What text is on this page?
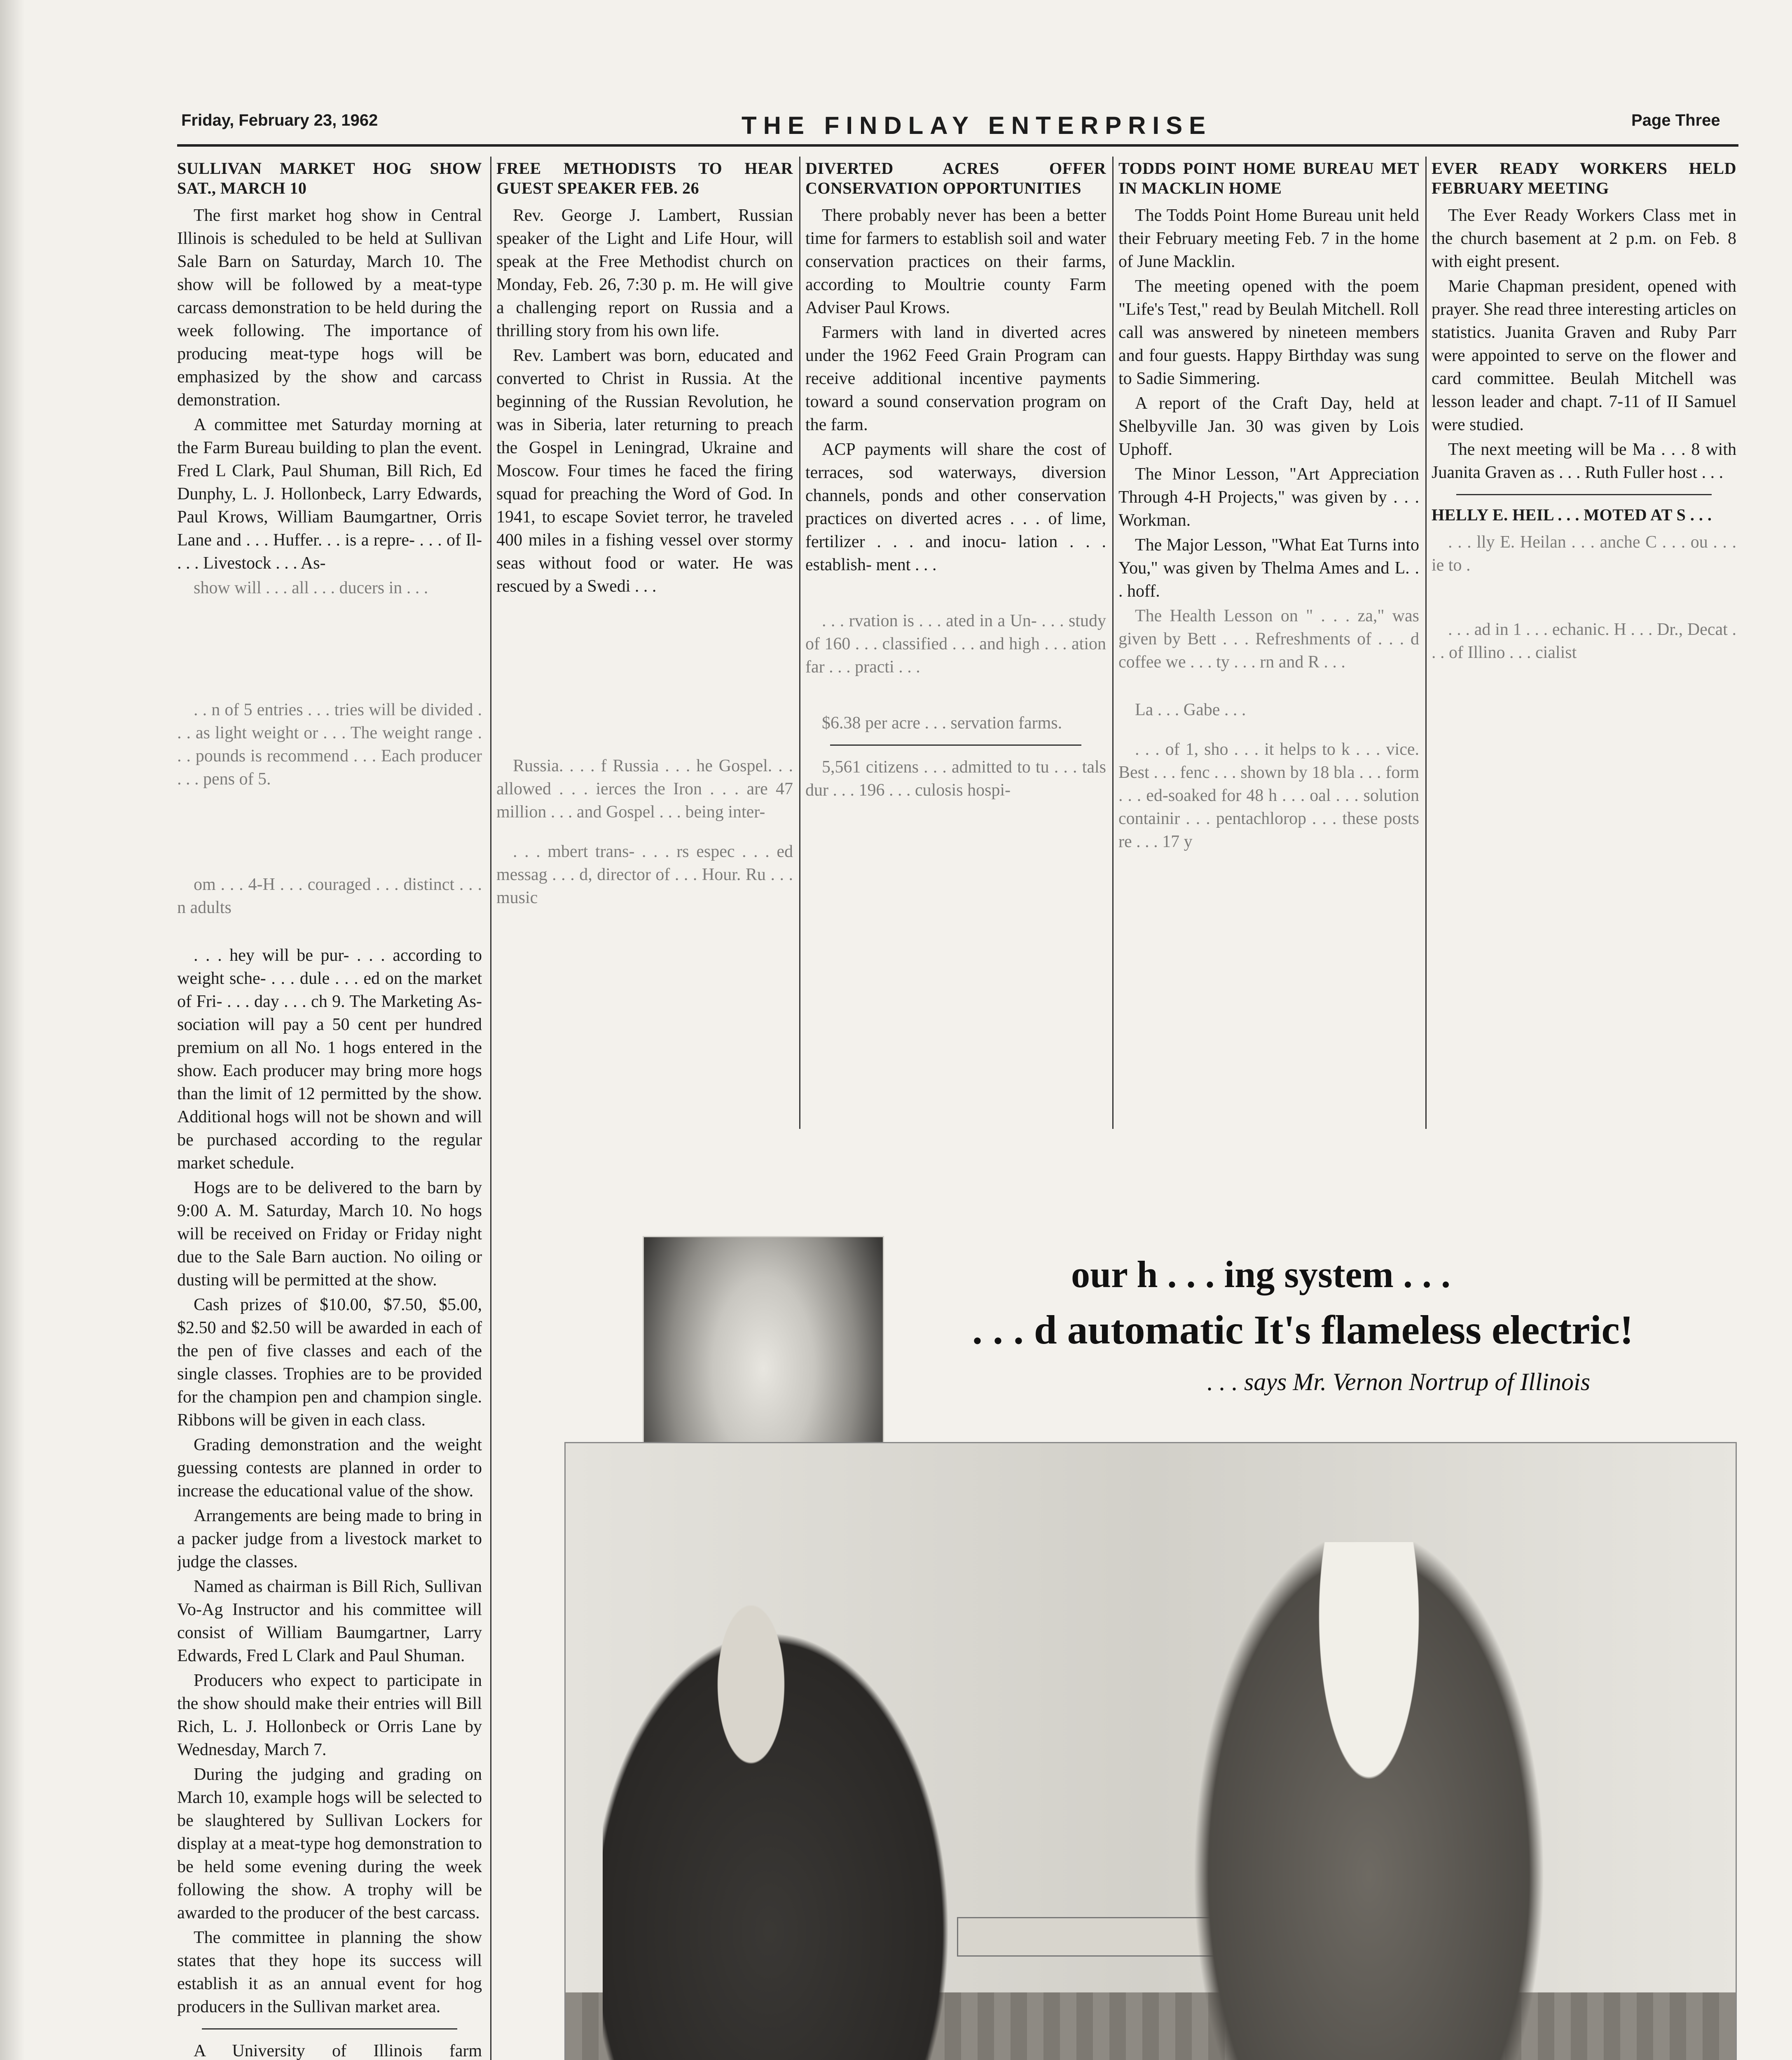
Friday, February 23, 1962	THE FINDLAY ENTERPRISE	Page Three
SULLIVAN MARKET HOG SHOW SAT., MARCH 10

The first market hog show in Central Illinois is scheduled to be held at Sullivan Sale Barn on Saturday, March 10. The show will be followed by a meat-type carcass demonstration to be held during the week following. The importance of producing meat-type hogs will be emphasized by the show and carcass demonstration.

A committee met Saturday morning at the Farm Bureau building to plan the event. Fred L Clark, Paul Shuman, Bill Rich, Ed Dunphy, L. J. Hollonbeck, Larry Edwards, Paul Krows, William Baumgartner, Orris Lane and . . . Huffer. . . is a repre- . . . of Il- . . . Livestock . . . As-

show will . . . all . . . ducers in . . .

. . n of 5 entries . . . tries will be divided . . . as light weight or . . . The weight range . . . pounds is recommend . . . Each producer . . . pens of 5.

om . . . 4-H . . . couraged . . . distinct . . . n adults

. . . hey will be pur- . . . according to weight sche- . . . dule . . . ed on the market of Fri- . . . day . . . ch 9. The Marketing As- sociation will pay a 50 cent per hundred premium on all No. 1 hogs entered in the show. Each producer may bring more hogs than the limit of 12 permitted by the show. Additional hogs will not be shown and will be purchased according to the regular market schedule.

Hogs are to be delivered to the barn by 9:00 A. M. Saturday, March 10. No hogs will be received on Friday or Friday night due to the Sale Barn auction. No oiling or dusting will be permitted at the show.

Cash prizes of $10.00, $7.50, $5.00, $2.50 and $2.50 will be awarded in each of the pen of five classes and each of the single classes. Trophies are to be provided for the champion pen and champion single. Ribbons will be given in each class.

Grading demonstration and the weight guessing contests are planned in order to increase the educational value of the show.

Arrangements are being made to bring in a packer judge from a livestock market to judge the classes.

Named as chairman is Bill Rich, Sullivan Vo-Ag Instructor and his committee will consist of William Baumgartner, Larry Edwards, Fred L Clark and Paul Shuman.

Producers who expect to participate in the show should make their entries will Bill Rich, L. J. Hollonbeck or Orris Lane by Wednesday, March 7.

During the judging and grading on March 10, example hogs will be selected to be slaughtered by Sullivan Lockers for display at a meat-type hog demonstration to be held some evening during the week following the show. A trophy will be awarded to the producer of the best carcass.

The committee in planning the show states that they hope its success will establish it as an annual event for hog producers in the Sullivan market area.

A University of Illinois farm

FREE METHODISTS TO HEAR GUEST SPEAKER FEB. 26

Rev. George J. Lambert, Russian speaker of the Light and Life Hour, will speak at the Free Methodist church on Monday, Feb. 26, 7:30 p. m. He will give a challenging report on Russia and a thrilling story from his own life.

Rev. Lambert was born, educated and converted to Christ in Russia. At the beginning of the Russian Revolution, he was in Siberia, later returning to preach the Gospel in Leningrad, Ukraine and Moscow. Four times he faced the firing squad for preaching the Word of God. In 1941, to escape Soviet terror, he traveled 400 miles in a fishing vessel over stormy seas without food or water. He was rescued by a Swedi . . .

Russia. . . . f Russia . . . he Gospel. . . allowed . . . ierces the Iron . . . are 47 million . . . and Gospel . . . being inter-

. . . mbert trans- . . . rs espec . . . ed messag . . . d, director of . . . Hour. Ru . . . music

DIVERTED ACRES OFFER CONSERVATION OPPORTUNITIES

There probably never has been a better time for farmers to establish soil and water conservation practices on their farms, according to Moultrie county Farm Adviser Paul Krows.

Farmers with land in diverted acres under the 1962 Feed Grain Program can receive additional incentive payments toward a sound conservation program on the farm.

ACP payments will share the cost of terraces, sod waterways, diversion channels, ponds and other conservation practices on diverted acres . . . of lime, fertilizer . . . and inocu- lation . . . establish- ment . . .

. . . rvation is . . . ated in a Un- . . . study of 160 . . . classified . . . and high . . . ation far . . . practi . . .

$6.38 per acre . . . servation farms.

5,561 citizens . . . admitted to tu . . . tals dur . . . 196 . . . culosis hospi-

TODDS POINT HOME BUREAU MET IN MACKLIN HOME

The Todds Point Home Bureau unit held their February meeting Feb. 7 in the home of June Macklin.

The meeting opened with the poem "Life's Test," read by Beulah Mitchell. Roll call was answered by nineteen members and four guests. Happy Birthday was sung to Sadie Simmering.

A report of the Craft Day, held at Shelbyville Jan. 30 was given by Lois Uphoff.

The Minor Lesson, "Art Appreciation Through 4-H Projects," was given by . . . Workman.

The Major Lesson, "What Eat Turns into You," was given by Thelma Ames and L. . . hoff.

The Health Lesson on " . . . za," was given by Bett . . . Refreshments of . . . d coffee we . . . ty . . . rn and R . . .

La . . . Gabe . . .

. . . of 1, sho . . . it helps to k . . . vice. Best . . . fenc . . . shown by 18 bla . . . form . . . ed-soaked for 48 h . . . oal . . . solution containir . . . pentachlorop . . . these posts re . . . 17 y

EVER READY WORKERS HELD FEBRUARY MEETING

The Ever Ready Workers Class met in the church basement at 2 p.m. on Feb. 8 with eight present.

Marie Chapman president, opened with prayer. She read three interesting articles on statistics. Juanita Graven and Ruby Parr were appointed to serve on the flower and card committee. Beulah Mitchell was lesson leader and chapt. 7-11 of II Samuel were studied.

The next meeting will be Ma . . . 8 with Juanita Graven as . . . Ruth Fuller host . . .

HELLY E. HEIL . . . MOTED AT S . . .

. . . lly E. Heilan . . . anche C . . . ou . . . ie to .

. . . ad in 1 . . . echanic. H . . . Dr., Decat . . . of Illino . . . cialist

our h . . . ing system . . .
. . . d automatic It's flameless electric!
. . . says Mr. Vernon Nortrup of Illinois
